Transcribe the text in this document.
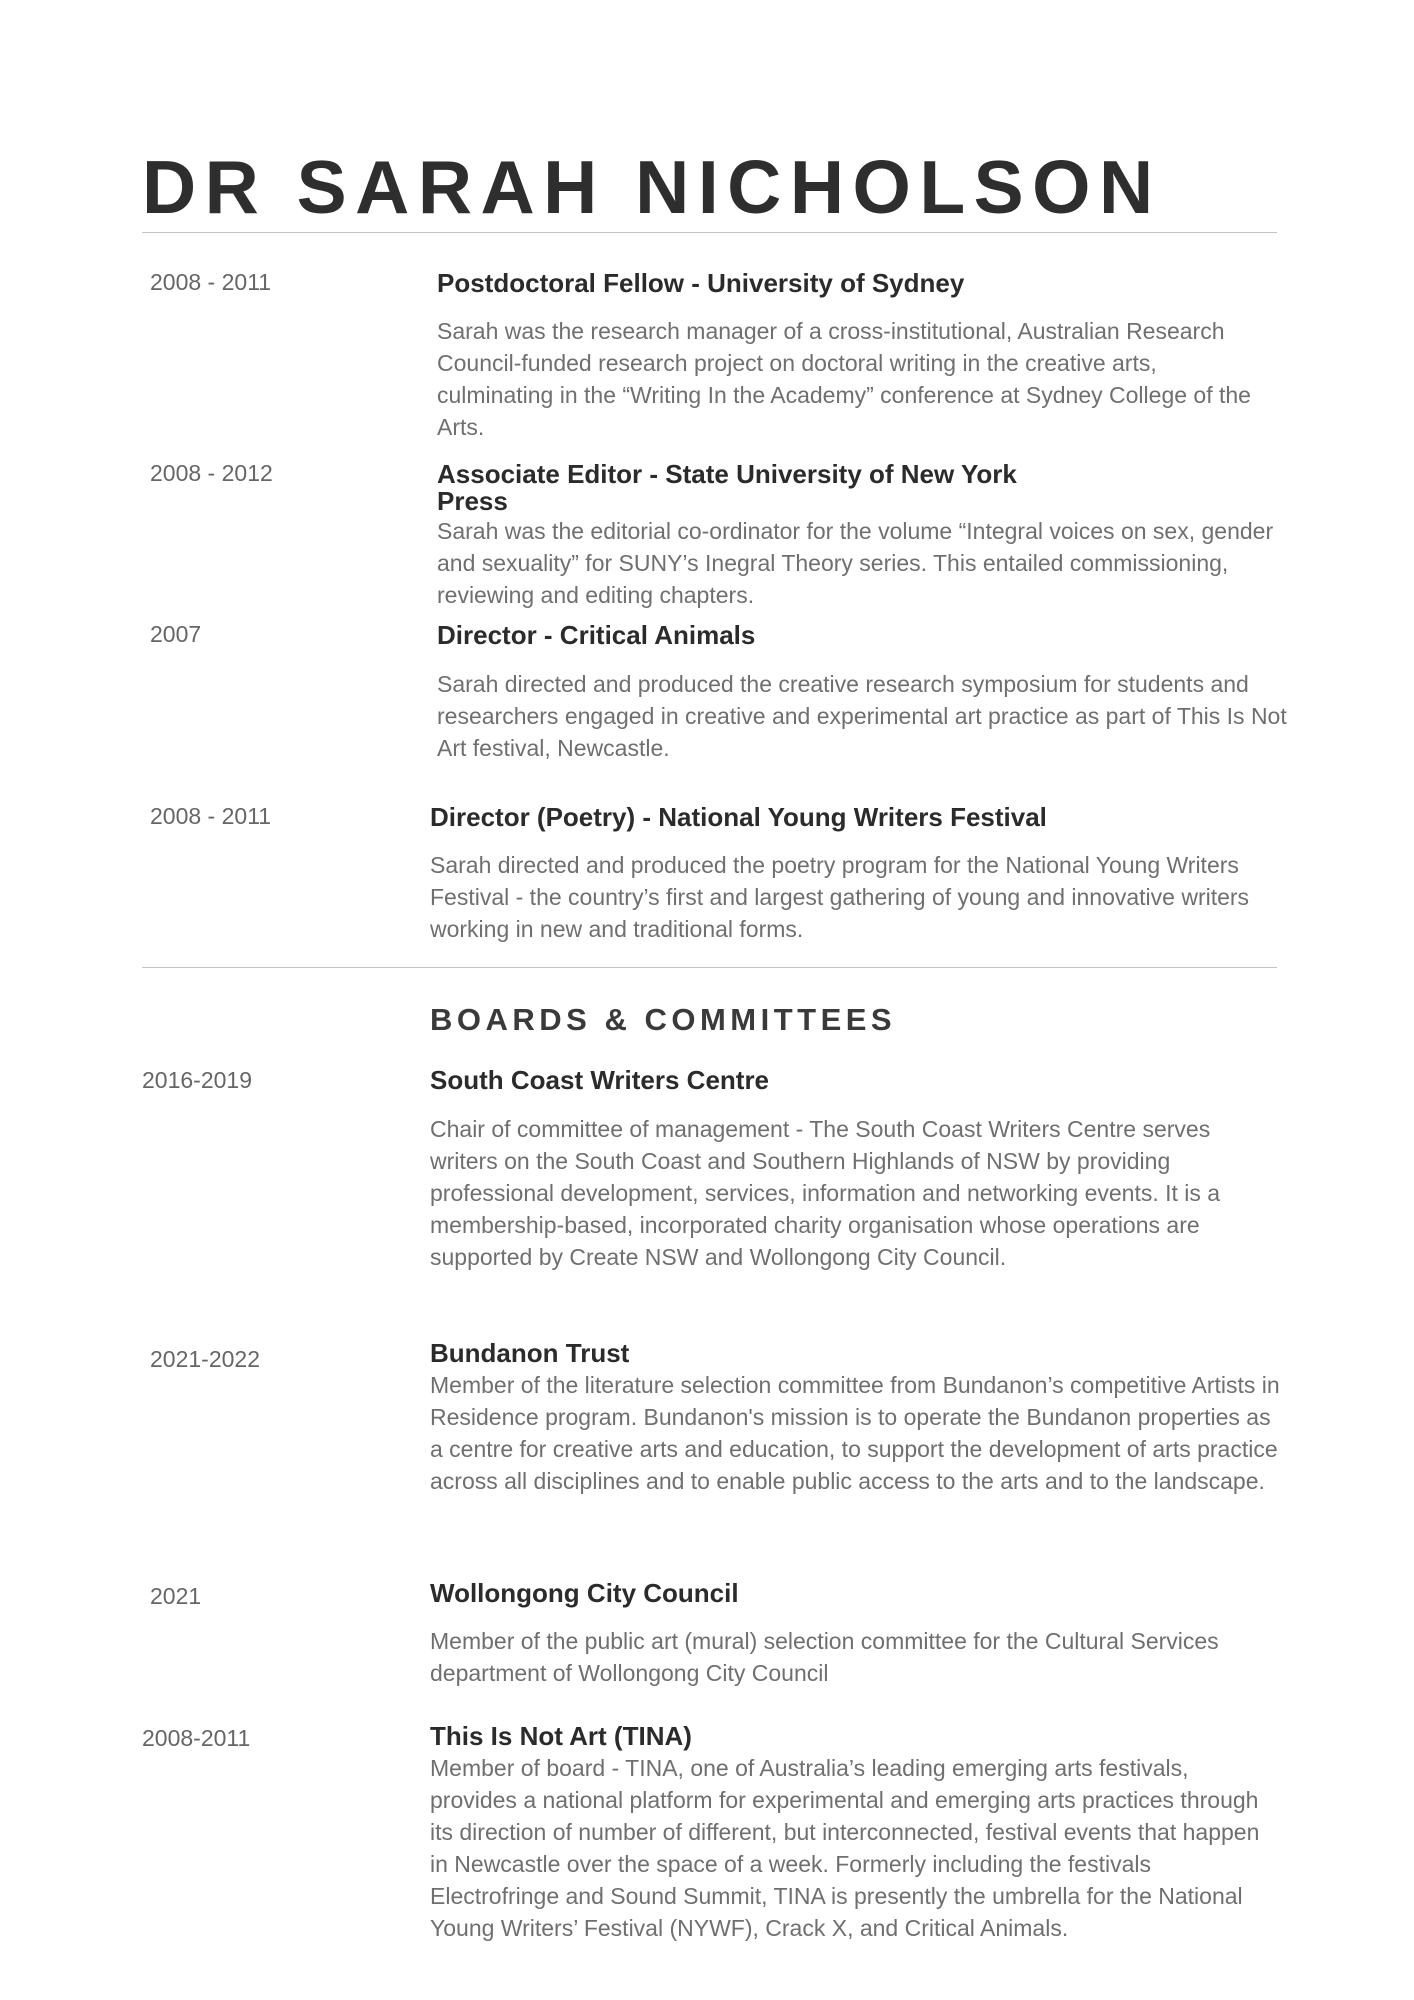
DR SARAH NICHOLSON
2008 - 2011	Postdoctoral Fellow - University of Sydney

Sarah was the research manager of a cross-institutional, Australian Research Council-funded research project on doctoral writing in the creative arts, culminating in the “Writing In the Academy” conference at Sydney College of the Arts.

2008 - 2012	Associate Editor - State University of New York Press

Sarah was the editorial co-ordinator for the volume “Integral voices on sex, gender and sexuality” for SUNY’s Inegral Theory series. This entailed commissioning, reviewing and editing chapters.

2007	Director - Critical Animals

Sarah directed and produced the creative research symposium for students and researchers engaged in creative and experimental art practice as part of This Is Not Art festival, Newcastle.

2008 - 2011	Director (Poetry) - National Young Writers Festival

Sarah directed and produced the poetry program for the National Young Writers Festival - the country’s first and largest gathering of young and innovative writers working in new and traditional forms.

BOARDS & COMMITTEES
2016-2019	South Coast Writers Centre

Chair of committee of management - The South Coast Writers Centre serves writers on the South Coast and Southern Highlands of NSW by providing professional development, services, information and networking events. It is a membership-based, incorporated charity organisation whose operations are supported by Create NSW and Wollongong City Council.

2021-2022	Bundanon Trust

Member of the literature selection committee from Bundanon’s competitive Artists in Residence program. Bundanon's mission is to operate the Bundanon properties as a centre for creative arts and education, to support the development of arts practice across all disciplines and to enable public access to the arts and to the landscape.

2021	Wollongong City Council

Member of the public art (mural) selection committee for the Cultural Services department of Wollongong City Council

2008-2011	This Is Not Art (TINA)

Member of board - TINA, one of Australia’s leading emerging arts festivals, provides a national platform for experimental and emerging arts practices through its direction of number of different, but interconnected, festival events that happen in Newcastle over the space of a week. Formerly including the festivals Electrofringe and Sound Summit, TINA is presently the umbrella for the National Young Writers’ Festival (NYWF), Crack X, and Critical Animals.
